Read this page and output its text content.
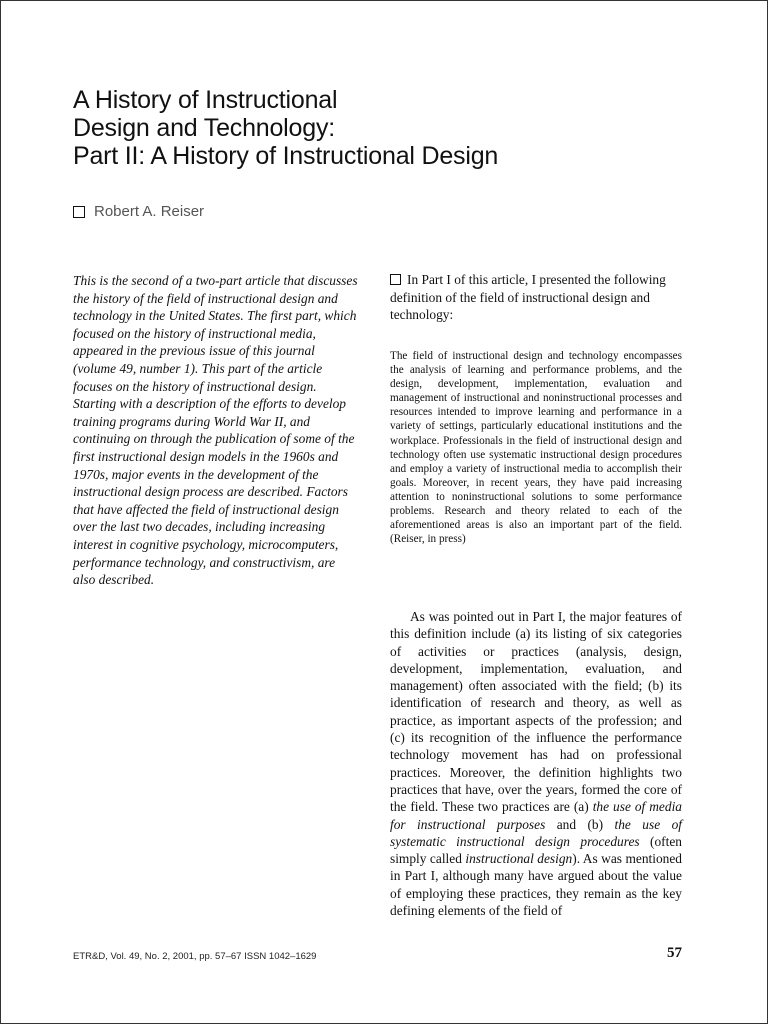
A History of Instructional
Design and Technology:
Part II: A History of Instructional Design
Robert A. Reiser

This is the second of a two-part article that discusses the history of the field of instructional design and technology in the United States. The first part, which focused on the history of instructional media, appeared in the previous issue of this journal (volume 49, number 1). This part of the article focuses on the history of instructional design. Starting with a description of the efforts to develop training programs during World War II, and continuing on through the publication of some of the first instructional design models in the 1960s and 1970s, major events in the development of the instructional design process are described. Factors that have affected the field of instructional design over the last two decades, including increasing interest in cognitive psychology, microcomputers, performance technology, and constructivism, are also described.

In Part I of this article, I presented the following definition of the field of instructional design and technology:

The field of instructional design and technology encompasses the analysis of learning and performance problems, and the design, development, implementation, evaluation and management of instructional and noninstructional processes and resources intended to improve learning and performance in a variety of settings, particularly educational institutions and the workplace. Professionals in the field of instructional design and technology often use systematic instructional design procedures and employ a variety of instructional media to accomplish their goals. Moreover, in recent years, they have paid increasing attention to noninstructional solutions to some performance problems. Research and theory related to each of the aforementioned areas is also an important part of the field. (Reiser, in press)

As was pointed out in Part I, the major features of this definition include (a) its listing of six categories of activities or practices (analysis, design, development, implementation, evaluation, and management) often associated with the field; (b) its identification of research and theory, as well as practice, as important aspects of the profession; and (c) its recognition of the influence the performance technology movement has had on professional practices. Moreover, the definition highlights two practices that have, over the years, formed the core of the field. These two practices are (a) the use of media for instructional purposes and (b) the use of systematic instructional design procedures (often simply called instructional design). As was mentioned in Part I, although many have argued about the value of employing these practices, they remain as the key defining elements of the field of

ETR&D, Vol. 49, No. 2, 2001, pp. 57–67 ISSN 1042–1629	57
